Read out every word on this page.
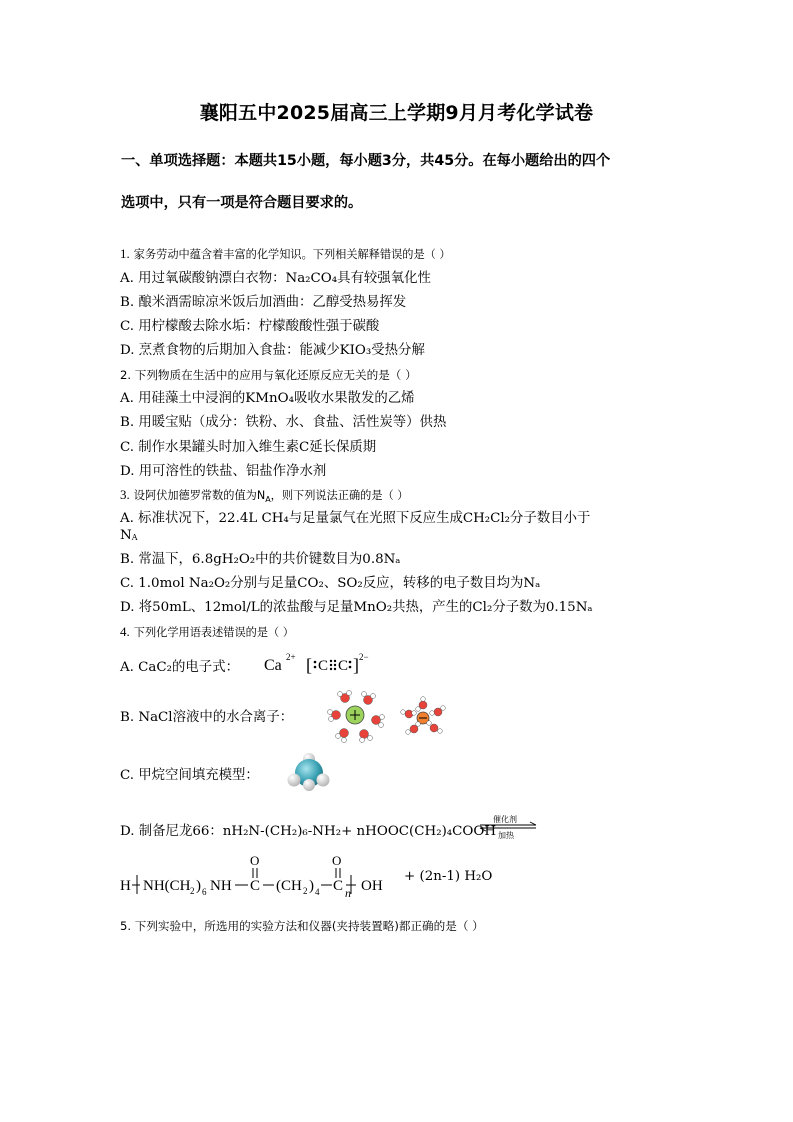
襄阳五中2025届高三上学期9月月考化学试卷
一、单项选择题：本题共15小题，每小题3分，共45分。在每小题给出的四个
选项中，只有一项是符合题目要求的。
1. 家务劳动中蕴含着丰富的化学知识。下列相关解释错误的是（ ）
A. 用过氧碳酸钠漂白衣物：Na₂CO₄具有较强氧化性
B. 酿米酒需晾凉米饭后加酒曲：乙醇受热易挥发
C. 用柠檬酸去除水垢：柠檬酸酸性强于碳酸
D. 烹煮食物的后期加入食盐：能减少KIO₃受热分解
2. 下列物质在生活中的应用与氧化还原反应无关的是（ ）
A. 用硅藻土中浸润的KMnO₄吸收水果散发的乙烯
B. 用暖宝贴（成分：铁粉、水、食盐、活性炭等）供热
C. 制作水果罐头时加入维生素C延长保质期
D. 用可溶性的铁盐、铝盐作净水剂
3. 设阿伏加德罗常数的值为$N_A$，则下列说法正确的是（ ）
A. 标准状况下，22.4L CH₄与足量氯气在光照下反应生成CH₂Cl₂分子数目小于
$N_A$
B. 常温下，6.8gH₂O₂中的共价键数目为0.8Nₐ
C. 1.0mol Na₂O₂分别与足量CO₂、SO₂反应，转移的电子数目均为Nₐ
D. 将50mL、12mol/L的浓盐酸与足量MnO₂共热，产生的Cl₂分子数为0.15Nₐ
4. 下列化学用语表述错误的是（ ）
A. CaC₂的电子式： Ca 2+ [ C C ] 2−
B. NaCl溶液中的水合离子：
C. 甲烷空间填充模型：
D. 制备尼龙66：nH₂N-(CH₂)₆-NH₂+ nHOOC(CH₂)₄COOH
催化剂
加热
H NH(CH 2 ) 6 NH C
O
(CH 2 ) 4 C
O
n OH
+ (2n-1) H₂O
5. 下列实验中，所选用的实验方法和仪器(夹持装置略)都正确的是（ ）
